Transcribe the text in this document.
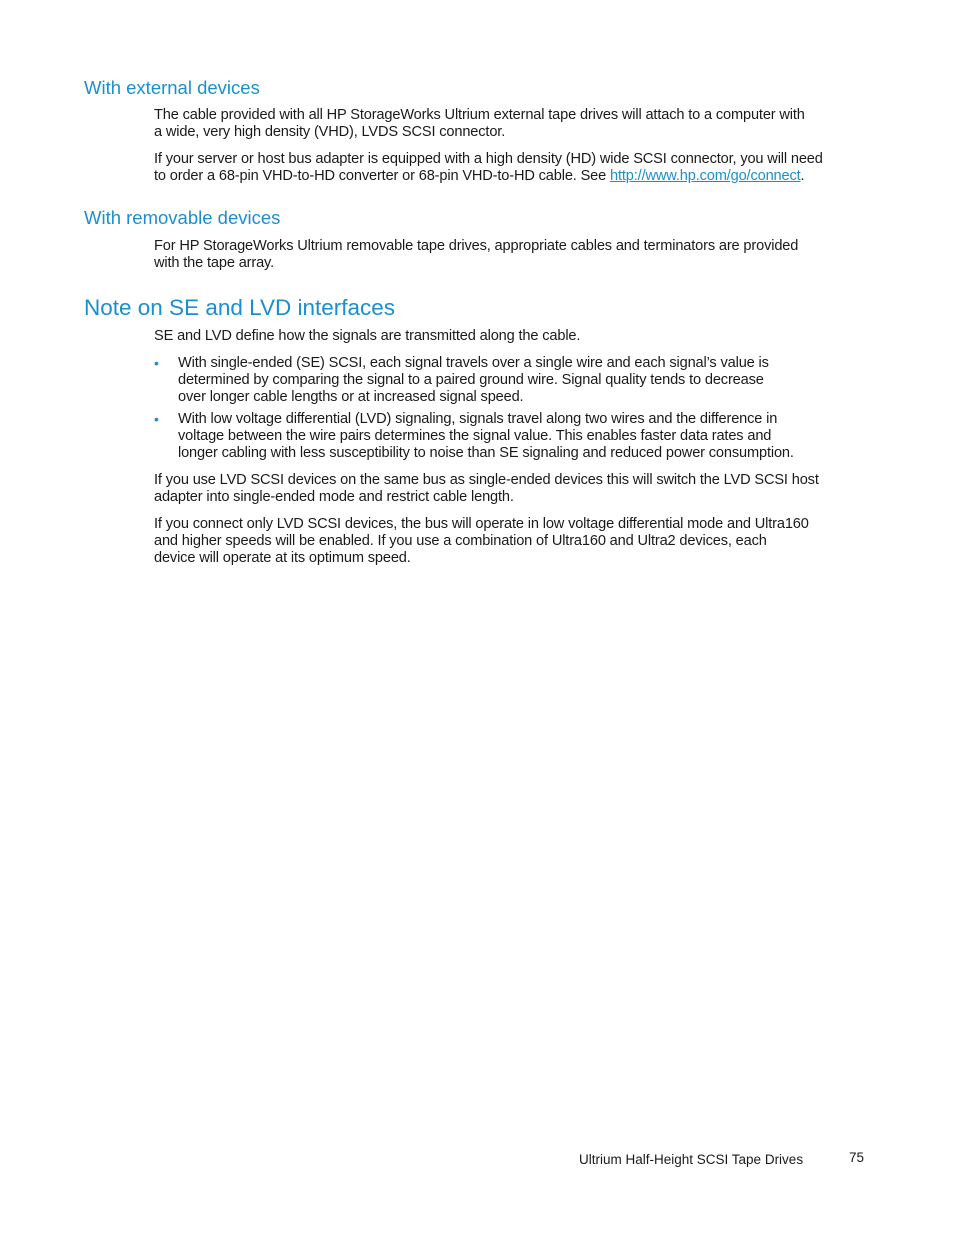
With external devices

The cable provided with all HP StorageWorks Ultrium external tape drives will attach to a computer with
a wide, very high density (VHD), LVDS SCSI connector.

If your server or host bus adapter is equipped with a high density (HD) wide SCSI connector, you will need
to order a 68-pin VHD-to-HD converter or 68-pin VHD-to-HD cable. See http://www.hp.com/go/connect.

With removable devices

For HP StorageWorks Ultrium removable tape drives, appropriate cables and terminators are provided
with the tape array.

Note on SE and LVD interfaces

SE and LVD define how the signals are transmitted along the cable.

• With single-ended (SE) SCSI, each signal travels over a single wire and each signal’s value is
determined by comparing the signal to a paired ground wire. Signal quality tends to decrease
over longer cable lengths or at increased signal speed.
• With low voltage differential (LVD) signaling, signals travel along two wires and the difference in
voltage between the wire pairs determines the signal value. This enables faster data rates and
longer cabling with less susceptibility to noise than SE signaling and reduced power consumption.

If you use LVD SCSI devices on the same bus as single-ended devices this will switch the LVD SCSI host
adapter into single-ended mode and restrict cable length.

If you connect only LVD SCSI devices, the bus will operate in low voltage differential mode and Ultra160
and higher speeds will be enabled. If you use a combination of Ultra160 and Ultra2 devices, each
device will operate at its optimum speed.

Ultrium Half-Height SCSI Tape Drives	75
